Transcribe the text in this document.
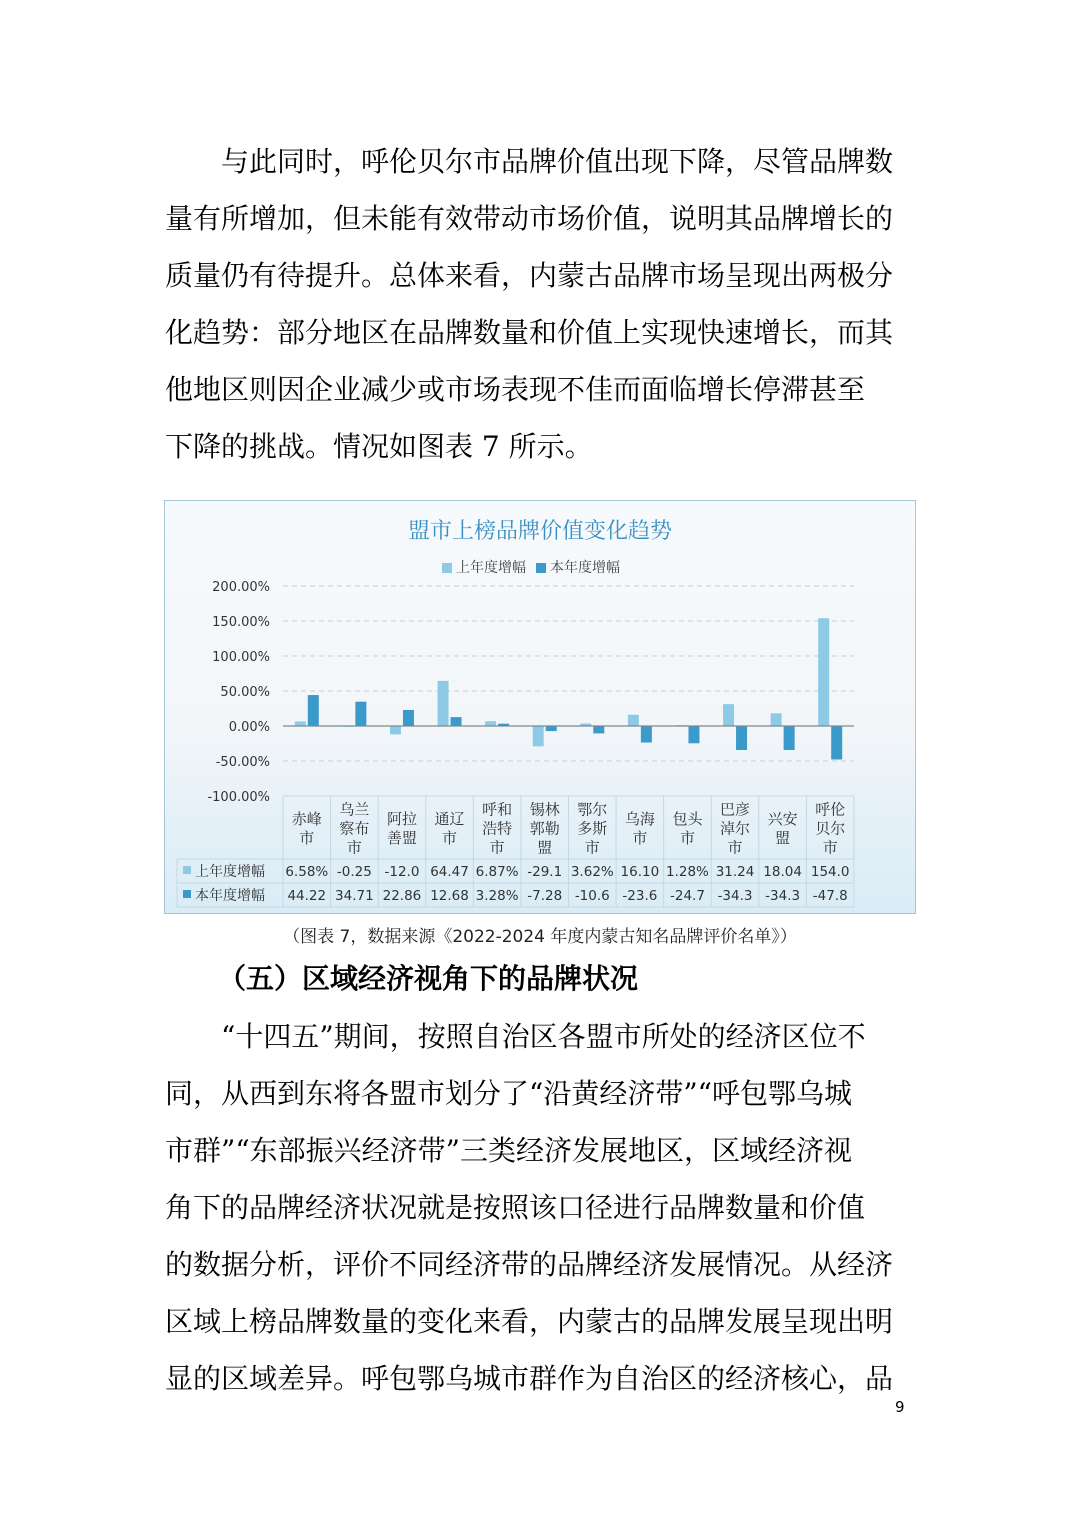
　　与此同时，呼伦贝尔市品牌价值出现下降，尽管品牌数
量有所增加，但未能有效带动市场价值，说明其品牌增长的
质量仍有待提升。总体来看，内蒙古品牌市场呈现出两极分
化趋势：部分地区在品牌数量和价值上实现快速增长，而其
他地区则因企业减少或市场表现不佳而面临增长停滞甚至
下降的挑战。情况如图表 7 所示。

盟市上榜品牌价值变化趋势
上年度增幅 本年度增幅
200.00%
150.00%
100.00%
50.00%
0.00%
-50.00%
-100.00%
赤峰
市
乌兰
察布
市
阿拉
善盟
通辽
市
呼和
浩特
市
锡林
郭勒
盟
鄂尔
多斯
市
乌海
市
包头
市
巴彦
淖尔
市
兴安
盟
呼伦
贝尔
市
上年度增幅 6.58% -0.25 -12.0 64.47 6.87% -29.1 3.62% 16.10 1.28% 31.24 18.04 154.0
本年度增幅 44.22 34.71 22.86 12.68 3.28% -7.28 -10.6 -23.6 -24.7 -34.3 -34.3 -47.8
（图表 7，数据来源《2022-2024 年度内蒙古知名品牌评价名单》）
（五）区域经济视角下的品牌状况

　　“十四五”期间，按照自治区各盟市所处的经济区位不
同，从西到东将各盟市划分了“沿黄经济带”“呼包鄂乌城
市群”“东部振兴经济带”三类经济发展地区，区域经济视
角下的品牌经济状况就是按照该口径进行品牌数量和价值
的数据分析，评价不同经济带的品牌经济发展情况。从经济
区域上榜品牌数量的变化来看，内蒙古的品牌发展呈现出明
显的区域差异。呼包鄂乌城市群作为自治区的经济核心，品

9
